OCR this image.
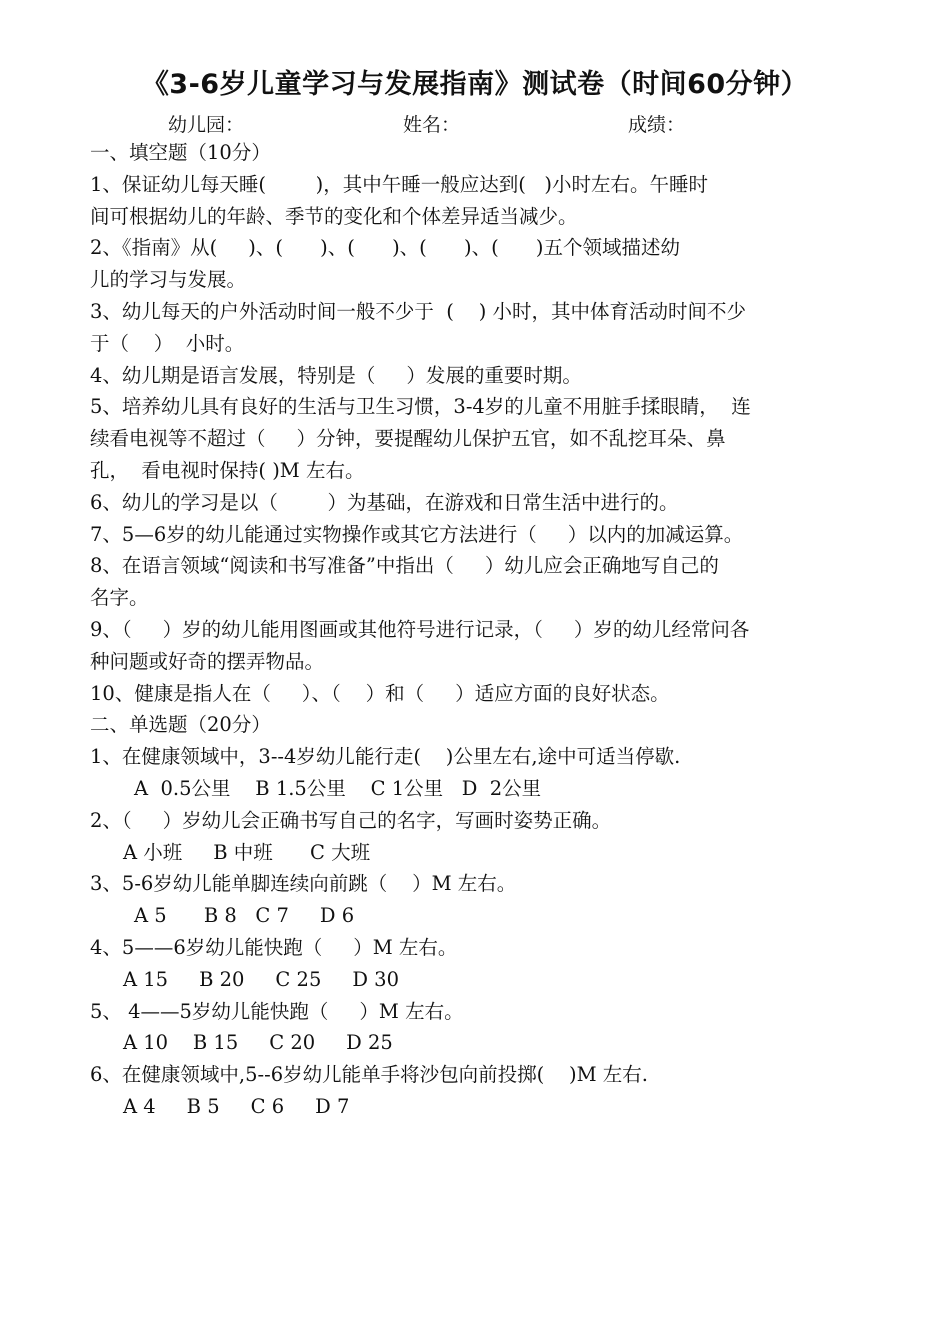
《3-6岁儿童学习与发展指南》测试卷（时间60分钟）
幼儿园：	姓名：	成绩：
一、填空题（10分）
1、保证幼儿每天睡(        )，其中午睡一般应达到(   )小时左右。午睡时
间可根据幼儿的年龄、季节的变化和个体差异适当减少。
2、《指南》从(     )、(      )、(      )、(      )、(      )五个领域描述幼
儿的学习与发展。
3、幼儿每天的户外活动时间一般不少于  (    ) 小时，其中体育活动时间不少
于（    ）  小时。
4、幼儿期是语言发展，特别是（     ）发展的重要时期。
5、培养幼儿具有良好的生活与卫生习惯，3-4岁的儿童不用脏手揉眼睛，  连
续看电视等不超过（     ）分钟，要提醒幼儿保护五官，如不乱挖耳朵、鼻
孔，  看电视时保持( )M 左右。
6、幼儿的学习是以（        ）为基础，在游戏和日常生活中进行的。
7、5—6岁的幼儿能通过实物操作或其它方法进行（     ）以内的加减运算。
8、在语言领域“阅读和书写准备”中指出（     ）幼儿应会正确地写自己的
名字。
9、（     ）岁的幼儿能用图画或其他符号进行记录，（     ）岁的幼儿经常问各
种问题或好奇的摆弄物品。
10、健康是指人在（     ）、（    ）和（     ）适应方面的良好状态。
二、单选题（20分）
1、在健康领域中，3--4岁幼儿能行走(    )公里左右,途中可适当停歇.
A  0.5公里    B 1.5公里    C 1公里   D  2公里
2、（     ）岁幼儿会正确书写自己的名字，写画时姿势正确。
A 小班     B 中班      C 大班
3、5-6岁幼儿能单脚连续向前跳（    ）M 左右。
A 5      B 8   C 7     D 6
4、5——6岁幼儿能快跑（     ）M 左右。
A 15     B 20     C 25     D 30
5、 4——5岁幼儿能快跑（     ）M 左右。
A 10    B 15     C 20     D 25
6、在健康领域中,5--6岁幼儿能单手将沙包向前投掷(    )M 左右.
A 4     B 5     C 6     D 7
